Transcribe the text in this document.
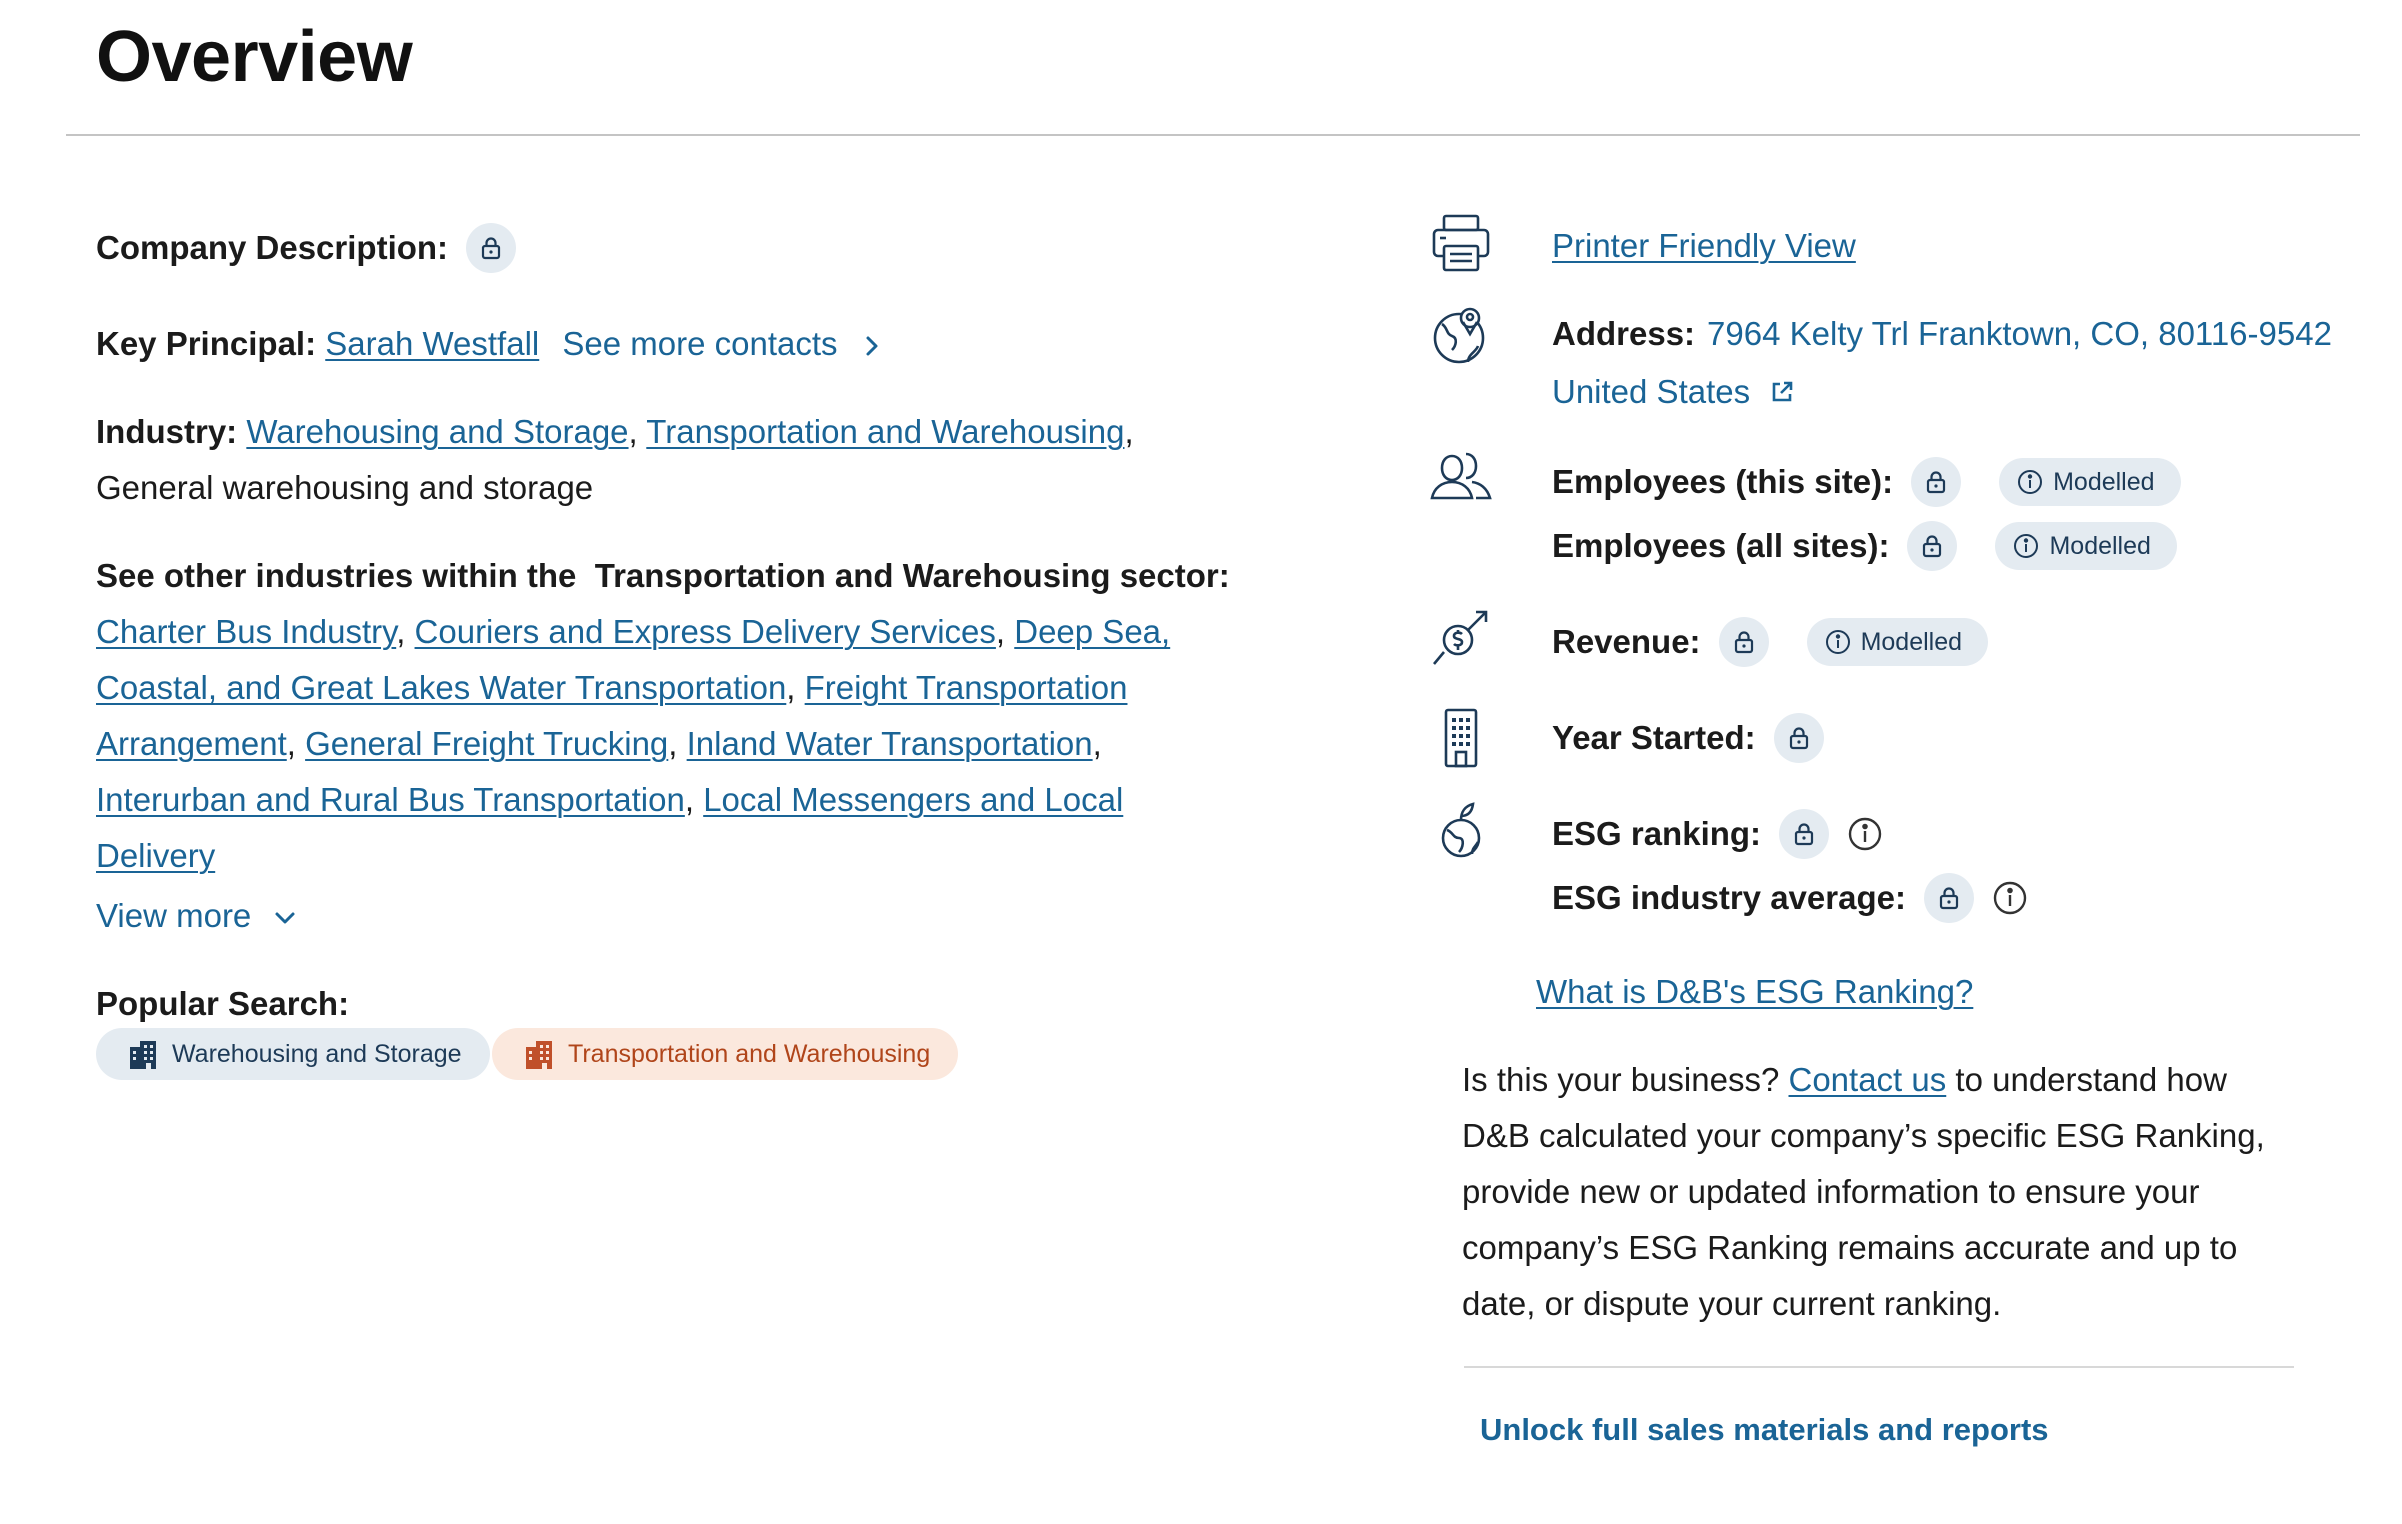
Overview
Company Description:
Key Principal: Sarah Westfall See more contacts
Industry: Warehousing and Storage, Transportation and Warehousing,
General warehousing and storage
See other industries within the  Transportation and Warehousing sector:
Charter Bus Industry, Couriers and Express Delivery Services, Deep Sea,
Coastal, and Great Lakes Water Transportation, Freight Transportation
Arrangement, General Freight Trucking, Inland Water Transportation,
Interurban and Rural Bus Transportation, Local Messengers and Local
Delivery
View more
Popular Search:
Warehousing and Storage	Transportation and Warehousing
Printer Friendly View
Address: 7964 Kelty Trl Franktown, CO, 80116-9542
United States
Employees (this site):	Modelled
Employees (all sites):	Modelled
Revenue:	Modelled
Year Started:
ESG ranking:
ESG industry average:
What is D&B's ESG Ranking?
Is this your business? Contact us to understand how D&B calculated your company’s specific ESG Ranking, provide new or updated information to ensure your company’s ESG Ranking remains accurate and up to date, or dispute your current ranking.
Unlock full sales materials and reports
